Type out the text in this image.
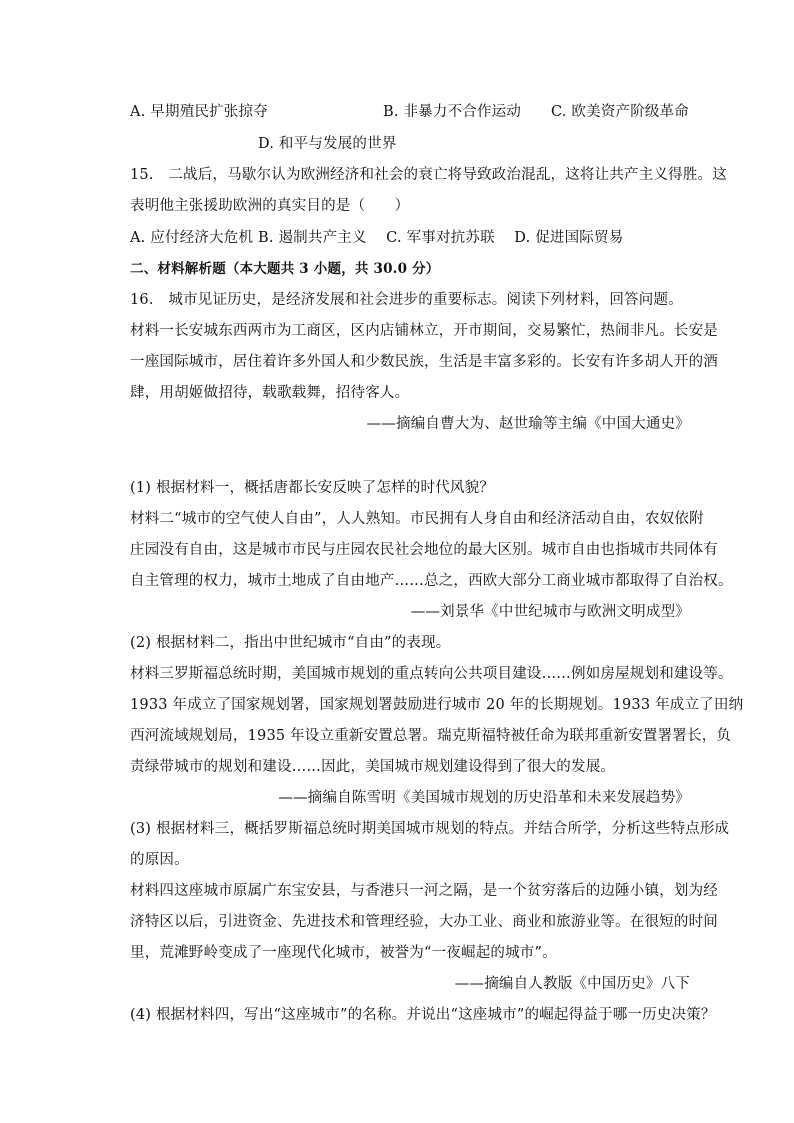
A. 早期殖民扩张掠夺	B. 非暴力不合作运动 C. 欧美资产阶级革命
D. 和平与发展的世界
15.　二战后，马歇尔认为欧洲经济和社会的衰亡将导致政治混乱，这将让共产主义得胜。这
表明他主张援助欧洲的真实目的是（　　）
A. 应付经济大危机 B. 遏制共产主义　 C. 军事对抗苏联　 D. 促进国际贸易
二、材料解析题（本大题共 3 小题，共 30.0 分）
16.　城市见证历史，是经济发展和社会进步的重要标志。阅读下列材料，回答问题。
材料一长安城东西两市为工商区，区内店铺林立，开市期间，交易繁忙，热闹非凡。长安是
一座国际城市，居住着许多外国人和少数民族，生活是丰富多彩的。长安有许多胡人开的酒
肆，用胡姬做招待，载歌载舞，招待客人。
——摘编自曹大为、赵世瑜等主编《中国大通史》
(1) 根据材料一，概括唐都长安反映了怎样的时代风貌？
材料二“城市的空气使人自由”，人人熟知。市民拥有人身自由和经济活动自由，农奴依附
庄园没有自由，这是城市市民与庄园农民社会地位的最大区别。城市自由也指城市共同体有
自主管理的权力，城市土地成了自由地产……总之，西欧大部分工商业城市都取得了自治权。
——刘景华《中世纪城市与欧洲文明成型》
(2) 根据材料二，指出中世纪城市“自由”的表现。
材料三罗斯福总统时期，美国城市规划的重点转向公共项目建设……例如房屋规划和建设等。
1933 年成立了国家规划署，国家规划署鼓励进行城市 20 年的长期规划。1933 年成立了田纳
西河流域规划局，1935 年设立重新安置总署。瑞克斯福特被任命为联邦重新安置署署长，负
责绿带城市的规划和建设……因此，美国城市规划建设得到了很大的发展。
——摘编自陈雪明《美国城市规划的历史沿革和未来发展趋势》
(3) 根据材料三，概括罗斯福总统时期美国城市规划的特点。并结合所学，分析这些特点形成
的原因。
材料四这座城市原属广东宝安县，与香港只一河之隔，是一个贫穷落后的边陲小镇，划为经
济特区以后，引进资金、先进技术和管理经验，大办工业、商业和旅游业等。在很短的时间
里，荒滩野岭变成了一座现代化城市，被誉为“一夜崛起的城市”。
——摘编自人教版《中国历史》八下
(4) 根据材料四，写出“这座城市”的名称。并说出“这座城市”的崛起得益于哪一历史决策？
